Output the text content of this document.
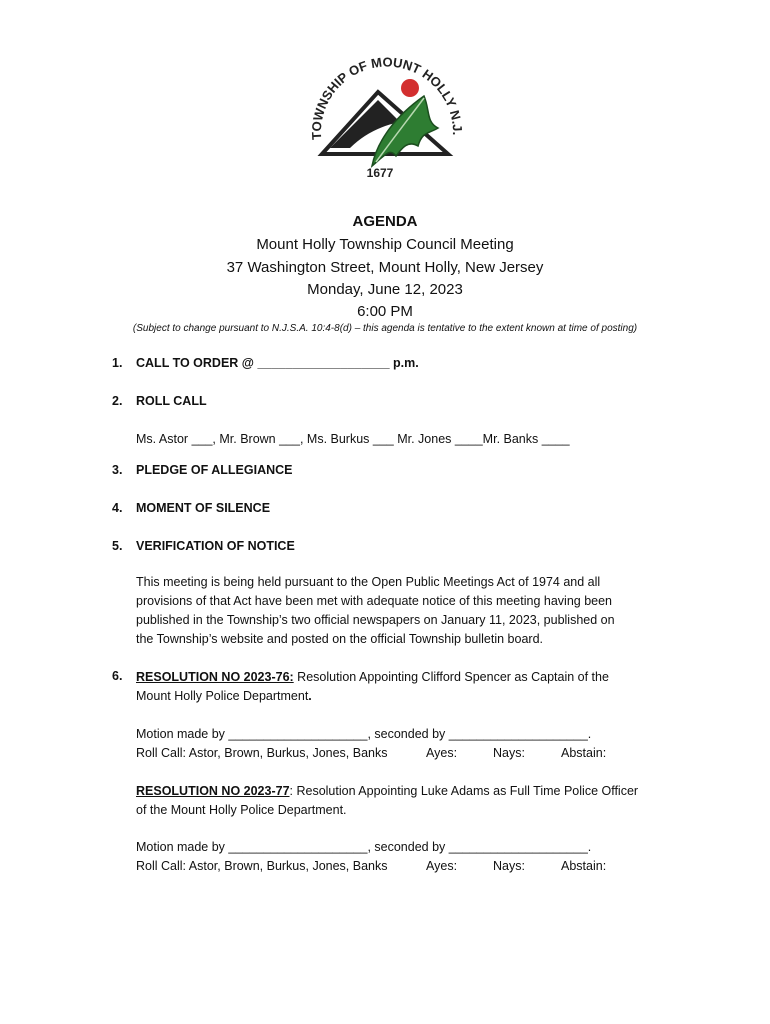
TOWNSHIP OF MOUNT HOLLY N.J.
1677
AGENDA
Mount Holly Township Council Meeting
37 Washington Street, Mount Holly, New Jersey
Monday, June 12, 2023
6:00 PM
(Subject to change pursuant to N.J.S.A. 10:4-8(d) – this agenda is tentative to the extent known at time of posting)
1. CALL TO ORDER @ ___________________ p.m.
2. ROLL CALL
Ms. Astor ___, Mr. Brown ___, Ms. Burkus ___ Mr. Jones ____Mr. Banks ____
3. PLEDGE OF ALLEGIANCE
4. MOMENT OF SILENCE
5. VERIFICATION OF NOTICE

This meeting is being held pursuant to the Open Public Meetings Act of 1974 and all

provisions of that Act have been met with adequate notice of this meeting having been

published in the Township’s two official newspapers on January 11, 2023, published on

the Township’s website and posted on the official Township bulletin board.

6.	RESOLUTION NO 2023-76: Resolution Appointing Clifford Spencer as Captain of the

Mount Holly Police Department.

Motion made by ____________________, seconded by ____________________.

Roll Call: Astor, Brown, Burkus, Jones, Banks	Ayes:	Nays:	Abstain:

RESOLUTION NO 2023-77: Resolution Appointing Luke Adams as Full Time Police Officer

of the Mount Holly Police Department.

Motion made by ____________________, seconded by ____________________.

Roll Call: Astor, Brown, Burkus, Jones, Banks	Ayes:	Nays:	Abstain:
